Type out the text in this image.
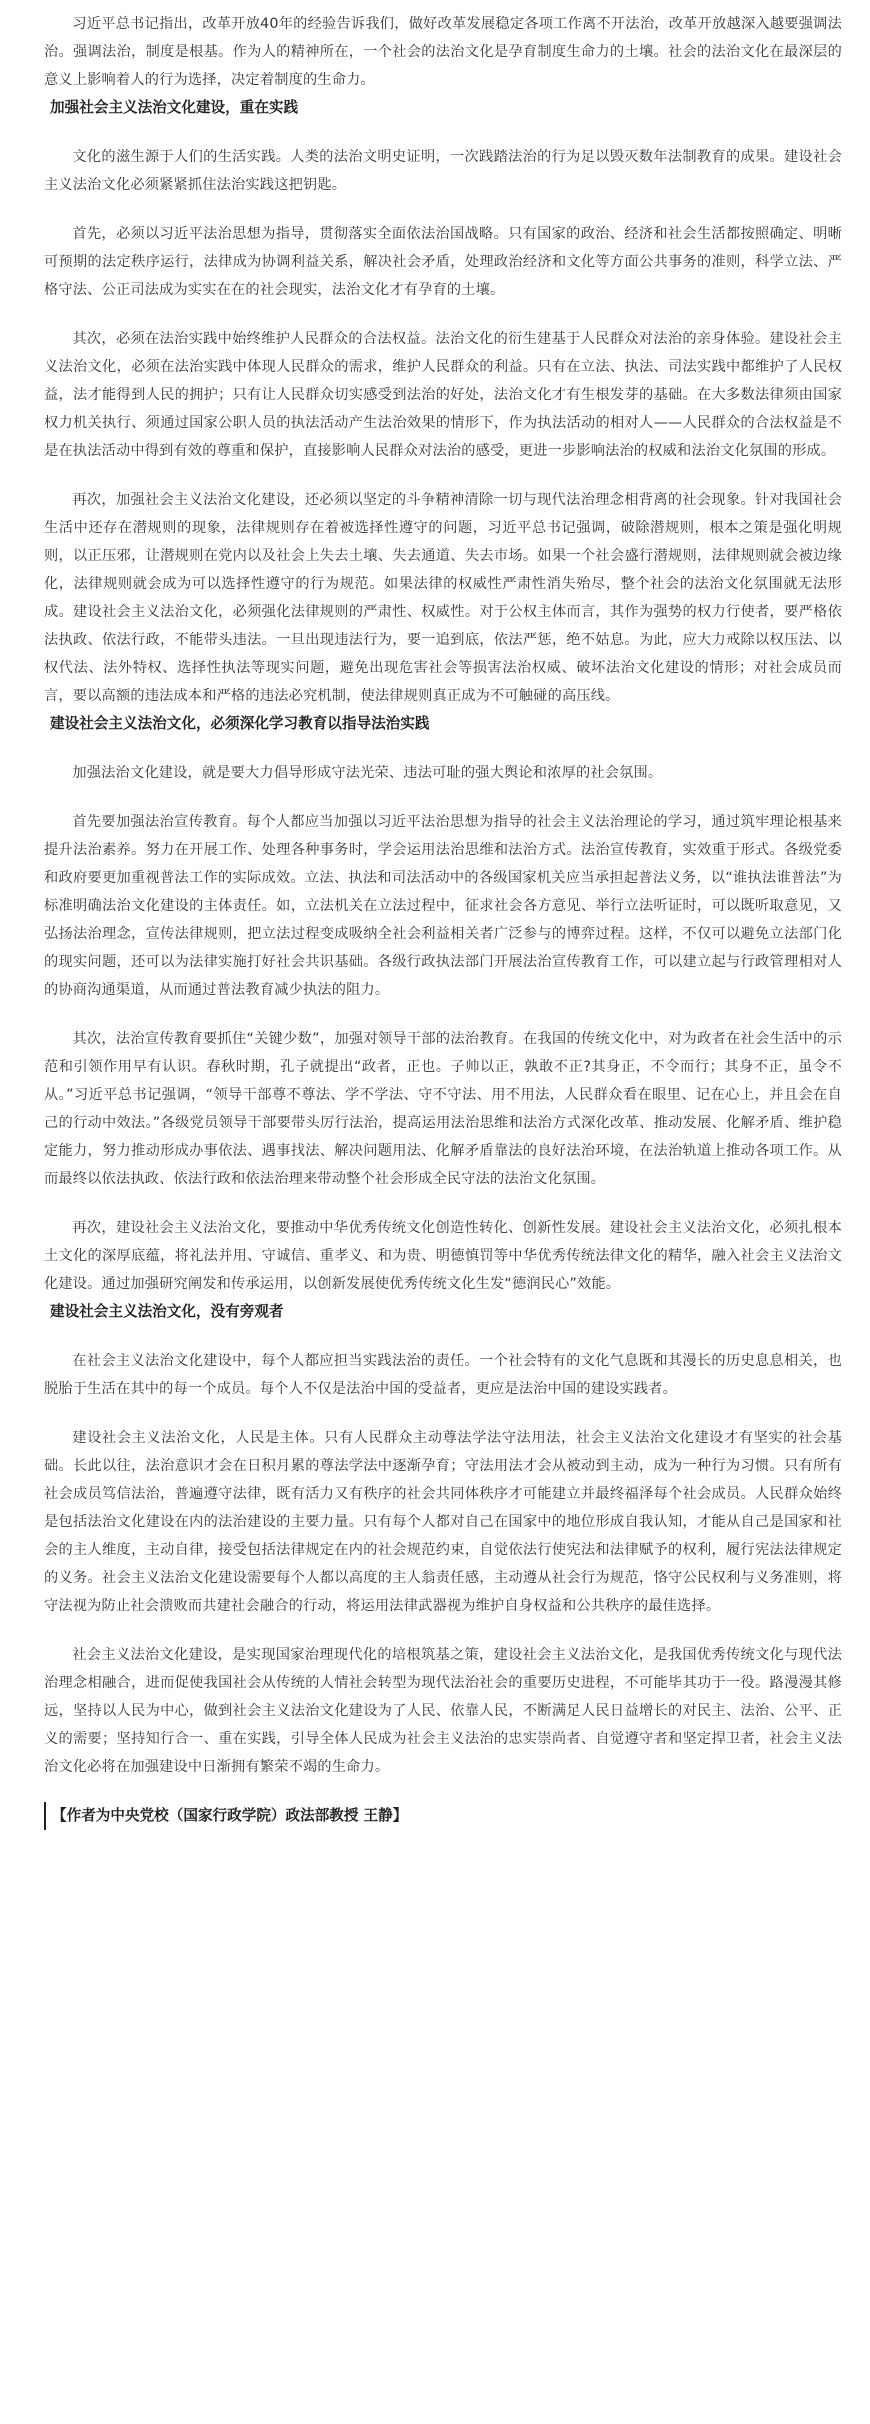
习近平总书记指出，改革开放40年的经验告诉我们，做好改革发展稳定各项工作离不开法治，改革开放越深入越要强调法治。强调法治，制度是根基。作为人的精神所在，一个社会的法治文化是孕育制度生命力的土壤。社会的法治文化在最深层的意义上影响着人的行为选择，决定着制度的生命力。

加强社会主义法治文化建设，重在实践

文化的滋生源于人们的生活实践。人类的法治文明史证明，一次践踏法治的行为足以毁灭数年法制教育的成果。建设社会主义法治文化必须紧紧抓住法治实践这把钥匙。

首先，必须以习近平法治思想为指导，贯彻落实全面依法治国战略。只有国家的政治、经济和社会生活都按照确定、明晰可预期的法定秩序运行，法律成为协调利益关系，解决社会矛盾，处理政治经济和文化等方面公共事务的准则，科学立法、严格守法、公正司法成为实实在在的社会现实，法治文化才有孕育的土壤。

其次，必须在法治实践中始终维护人民群众的合法权益。法治文化的衍生建基于人民群众对法治的亲身体验。建设社会主义法治文化，必须在法治实践中体现人民群众的需求，维护人民群众的利益。只有在立法、执法、司法实践中都维护了人民权益，法才能得到人民的拥护；只有让人民群众切实感受到法治的好处，法治文化才有生根发芽的基础。在大多数法律须由国家权力机关执行、须通过国家公职人员的执法活动产生法治效果的情形下，作为执法活动的相对人——人民群众的合法权益是不是在执法活动中得到有效的尊重和保护，直接影响人民群众对法治的感受，更进一步影响法治的权威和法治文化氛围的形成。

再次，加强社会主义法治文化建设，还必须以坚定的斗争精神清除一切与现代法治理念相背离的社会现象。针对我国社会生活中还存在潜规则的现象，法律规则存在着被选择性遵守的问题，习近平总书记强调，破除潜规则，根本之策是强化明规则，以正压邪，让潜规则在党内以及社会上失去土壤、失去通道、失去市场。如果一个社会盛行潜规则，法律规则就会被边缘化，法律规则就会成为可以选择性遵守的行为规范。如果法律的权威性严肃性消失殆尽，整个社会的法治文化氛围就无法形成。建设社会主义法治文化，必须强化法律规则的严肃性、权威性。对于公权主体而言，其作为强势的权力行使者，要严格依法执政、依法行政，不能带头违法。一旦出现违法行为，要一追到底，依法严惩，绝不姑息。为此，应大力戒除以权压法、以权代法、法外特权、选择性执法等现实问题，避免出现危害社会等损害法治权威、破坏法治文化建设的情形；对社会成员而言，要以高额的违法成本和严格的违法必究机制，使法律规则真正成为不可触碰的高压线。

建设社会主义法治文化，必须深化学习教育以指导法治实践

加强法治文化建设，就是要大力倡导形成守法光荣、违法可耻的强大舆论和浓厚的社会氛围。

首先要加强法治宣传教育。每个人都应当加强以习近平法治思想为指导的社会主义法治理论的学习，通过筑牢理论根基来提升法治素养。努力在开展工作、处理各种事务时，学会运用法治思维和法治方式。法治宣传教育，实效重于形式。各级党委和政府要更加重视普法工作的实际成效。立法、执法和司法活动中的各级国家机关应当承担起普法义务，以“谁执法谁普法”为标准明确法治文化建设的主体责任。如，立法机关在立法过程中，征求社会各方意见、举行立法听证时，可以既听取意见，又弘扬法治理念，宣传法律规则，把立法过程变成吸纳全社会利益相关者广泛参与的博弈过程。这样，不仅可以避免立法部门化的现实问题，还可以为法律实施打好社会共识基础。各级行政执法部门开展法治宣传教育工作，可以建立起与行政管理相对人的协商沟通渠道，从而通过普法教育减少执法的阻力。

其次，法治宣传教育要抓住“关键少数”，加强对领导干部的法治教育。在我国的传统文化中，对为政者在社会生活中的示范和引领作用早有认识。春秋时期，孔子就提出“政者，正也。子帅以正，孰敢不正?其身正，不令而行；其身不正，虽令不从。”习近平总书记强调，“领导干部尊不尊法、学不学法、守不守法、用不用法，人民群众看在眼里、记在心上，并且会在自己的行动中效法。”各级党员领导干部要带头厉行法治，提高运用法治思维和法治方式深化改革、推动发展、化解矛盾、维护稳定能力，努力推动形成办事依法、遇事找法、解决问题用法、化解矛盾靠法的良好法治环境，在法治轨道上推动各项工作。从而最终以依法执政、依法行政和依法治理来带动整个社会形成全民守法的法治文化氛围。

再次，建设社会主义法治文化，要推动中华优秀传统文化创造性转化、创新性发展。建设社会主义法治文化，必须扎根本土文化的深厚底蕴，将礼法并用、守诚信、重孝义、和为贵、明德慎罚等中华优秀传统法律文化的精华，融入社会主义法治文化建设。通过加强研究阐发和传承运用，以创新发展使优秀传统文化生发“德润民心”效能。

建设社会主义法治文化，没有旁观者

在社会主义法治文化建设中，每个人都应担当实践法治的责任。一个社会特有的文化气息既和其漫长的历史息息相关，也脱胎于生活在其中的每一个成员。每个人不仅是法治中国的受益者，更应是法治中国的建设实践者。

建设社会主义法治文化，人民是主体。只有人民群众主动尊法学法守法用法，社会主义法治文化建设才有坚实的社会基础。长此以往，法治意识才会在日积月累的尊法学法中逐渐孕育；守法用法才会从被动到主动，成为一种行为习惯。只有所有社会成员笃信法治，普遍遵守法律，既有活力又有秩序的社会共同体秩序才可能建立并最终福泽每个社会成员。人民群众始终是包括法治文化建设在内的法治建设的主要力量。只有每个人都对自己在国家中的地位形成自我认知，才能从自己是国家和社会的主人维度，主动自律，接受包括法律规定在内的社会规范约束，自觉依法行使宪法和法律赋予的权利，履行宪法法律规定的义务。社会主义法治文化建设需要每个人都以高度的主人翁责任感，主动遵从社会行为规范，恪守公民权利与义务准则，将守法视为防止社会溃败而共建社会融合的行动，将运用法律武器视为维护自身权益和公共秩序的最佳选择。

社会主义法治文化建设，是实现国家治理现代化的培根筑基之策，建设社会主义法治文化，是我国优秀传统文化与现代法治理念相融合，进而促使我国社会从传统的人情社会转型为现代法治社会的重要历史进程，不可能毕其功于一役。路漫漫其修远，坚持以人民为中心，做到社会主义法治文化建设为了人民、依靠人民，不断满足人民日益增长的对民主、法治、公平、正义的需要；坚持知行合一、重在实践，引导全体人民成为社会主义法治的忠实崇尚者、自觉遵守者和坚定捍卫者，社会主义法治文化必将在加强建设中日渐拥有繁荣不竭的生命力。

【作者为中央党校（国家行政学院）政法部教授 王静】
